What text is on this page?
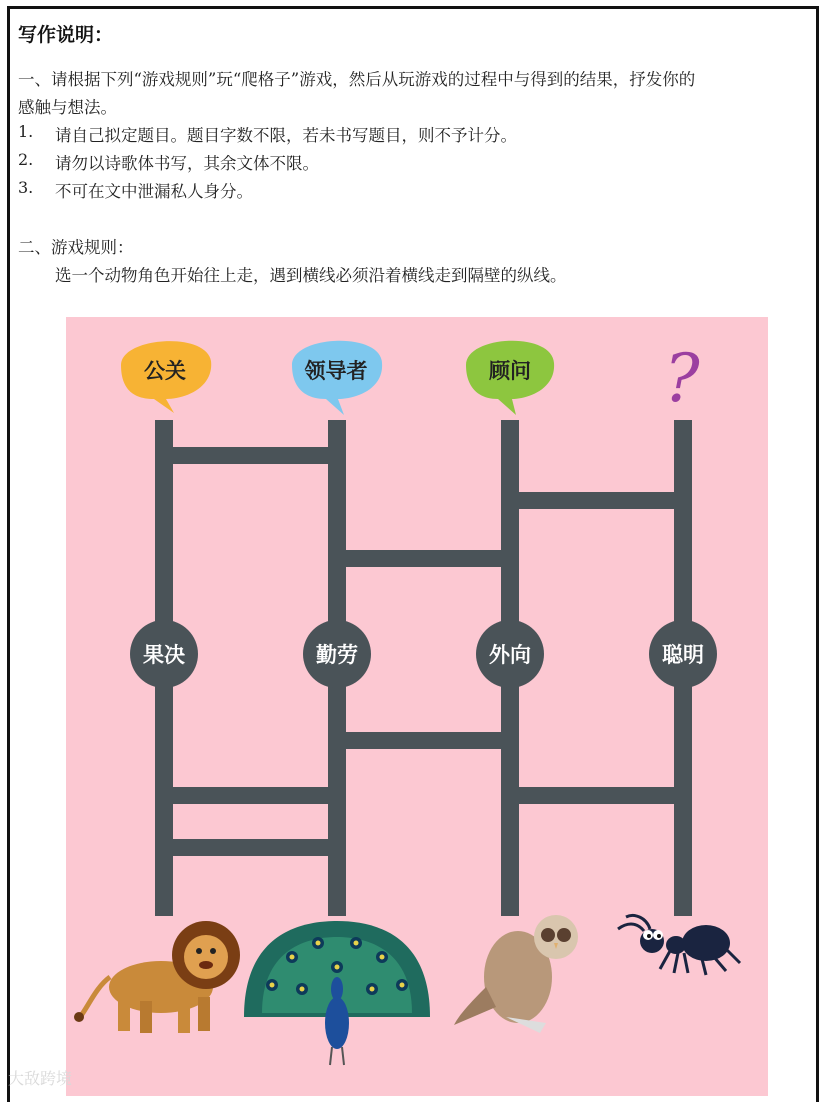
写作说明：
一、请根据下列“游戏规则”玩“爬格子”游戏，然后从玩游戏的过程中与得到的结果，抒发你的
感触与想法。
1. 请自己拟定题目。题目字数不限，若未书写题目，则不予计分。
2. 请勿以诗歌体书写，其余文体不限。
3. 不可在文中泄漏私人身分。
二、游戏规则：
选一个动物角色开始往上走，遇到横线必须沿着横线走到隔壁的纵线。
公关	领导者	顾问 ?
果决	勤劳	外向	聪明
大敌跨境
